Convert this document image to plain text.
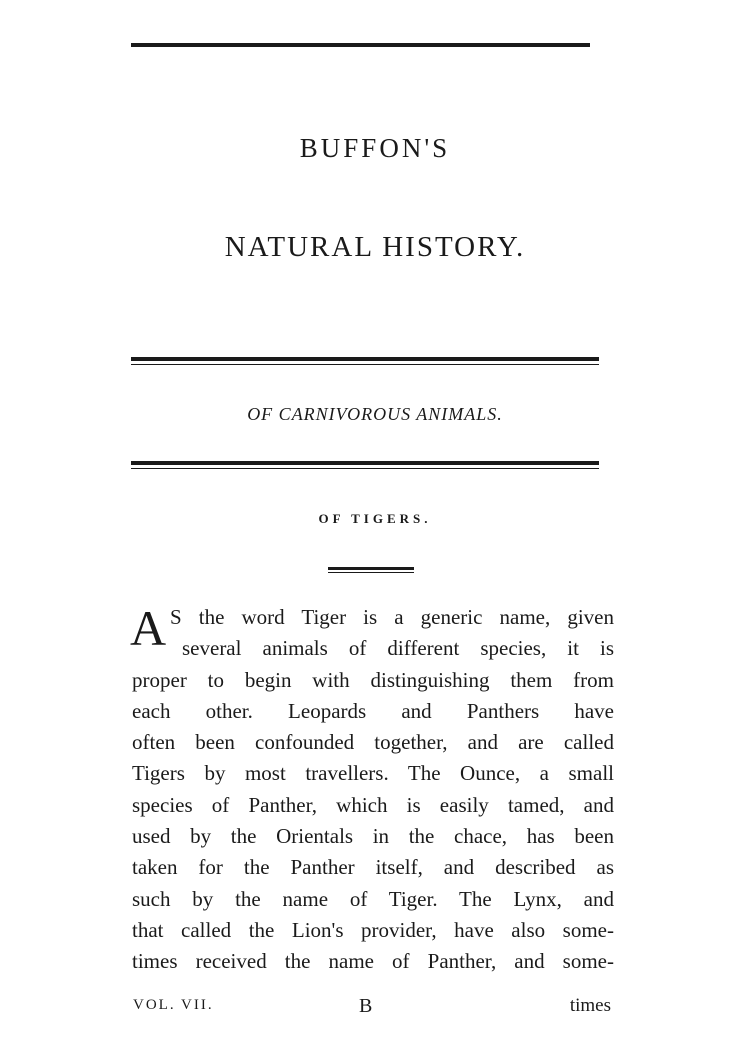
BUFFON'S
NATURAL HISTORY.
OF CARNIVOROUS ANIMALS.
OF TIGERS.
A S the word Tiger is a generic name, given
several animals of different species, it is
proper to begin with distinguishing them from
each other. Leopards and Panthers have
often been confounded together, and are called
Tigers by most travellers. The Ounce, a small
species of Panther, which is easily tamed, and
used by the Orientals in the chace, has been
taken for the Panther itself, and described as
such by the name of Tiger. The Lynx, and
that called the Lion's provider, have also some-
times received the name of Panther, and some-
VOL. VII.	B	times
